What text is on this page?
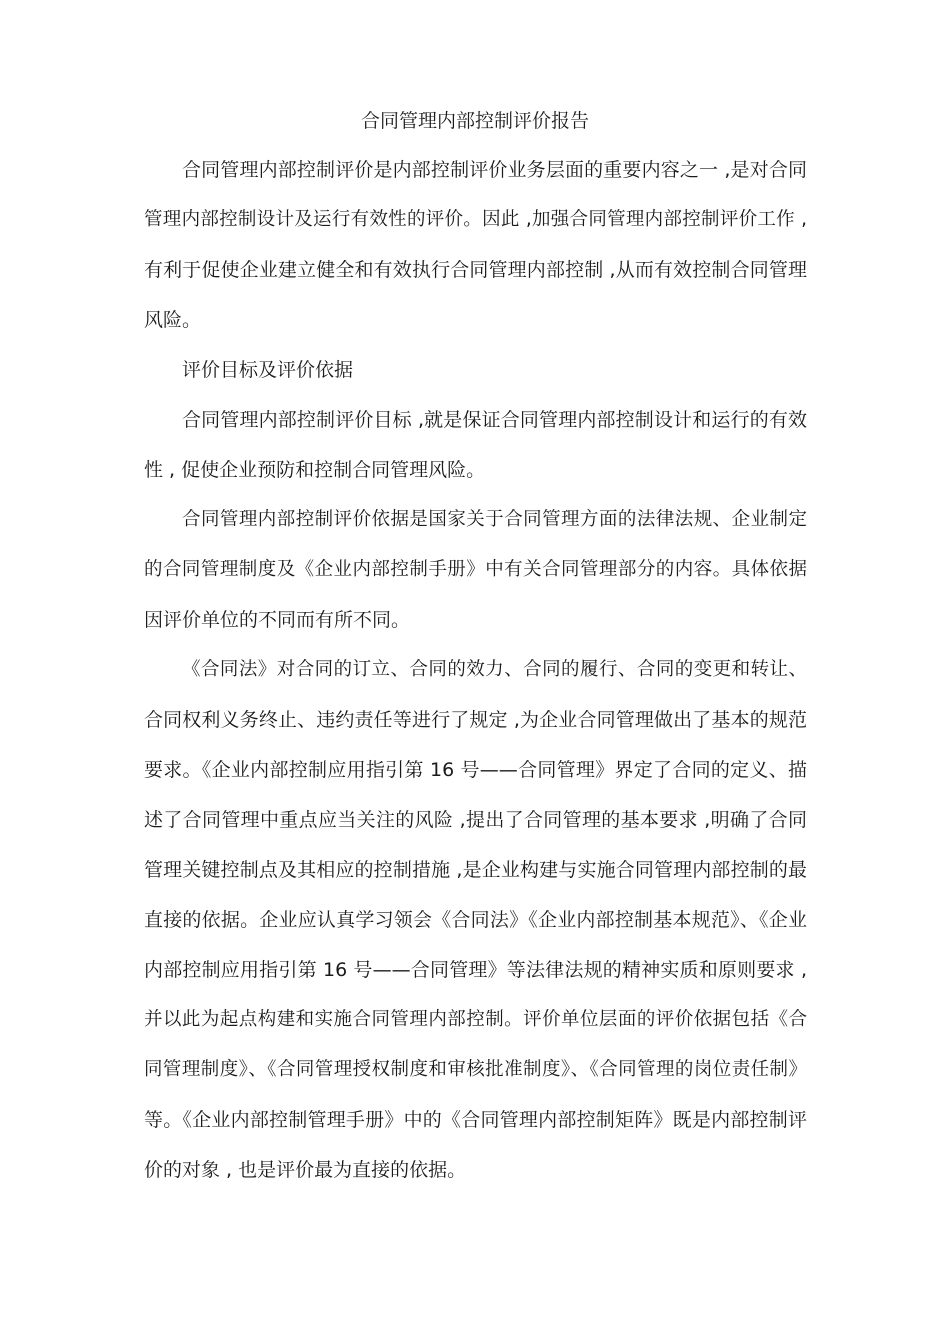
合同管理内部控制评价报告
合同管理内部控制评价是内部控制评价业务层面的重要内容之一 ,是对合同
管理内部控制设计及运行有效性的评价。因此 ,加强合同管理内部控制评价工作 ,
有利于促使企业建立健全和有效执行合同管理内部控制 ,从而有效控制合同管理
风险。
评价目标及评价依据
合同管理内部控制评价目标 ,就是保证合同管理内部控制设计和运行的有效
性 , 促使企业预防和控制合同管理风险。
合同管理内部控制评价依据是国家关于合同管理方面的法律法规、企业制定
的合同管理制度及《企业内部控制手册》中有关合同管理部分的内容。具体依据
因评价单位的不同而有所不同。
《合同法》对合同的订立、合同的效力、合同的履行、合同的变更和转让、
合同权利义务终止、违约责任等进行了规定 ,为企业合同管理做出了基本的规范
要求。《企业内部控制应用指引第 16 号——合同管理》界定了合同的定义、描
述了合同管理中重点应当关注的风险 ,提出了合同管理的基本要求 ,明确了合同
管理关键控制点及其相应的控制措施 ,是企业构建与实施合同管理内部控制的最
直接的依据。企业应认真学习领会《合同法》《企业内部控制基本规范》、《企业
内部控制应用指引第 16 号——合同管理》等法律法规的精神实质和原则要求 ,
并以此为起点构建和实施合同管理内部控制。评价单位层面的评价依据包括《合
同管理制度》、《合同管理授权制度和审核批准制度》、《合同管理的岗位责任制》
等。《企业内部控制管理手册》中的《合同管理内部控制矩阵》既是内部控制评
价的对象 , 也是评价最为直接的依据。
